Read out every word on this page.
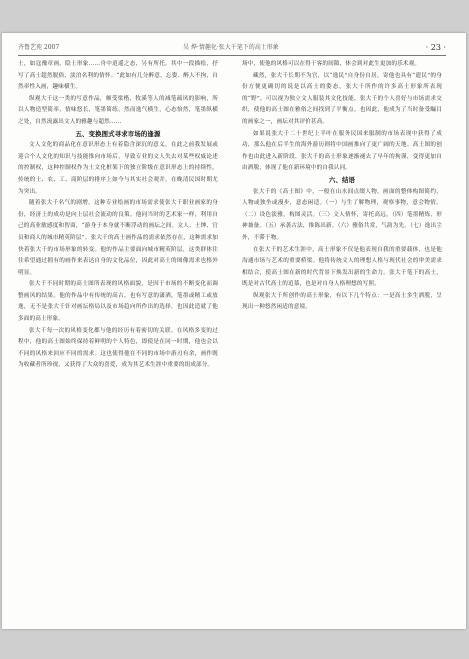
齐鲁艺苑 2007	吴 烨·情趣化·张大千笔下的高士形象	· 23 ·

士，如寇豫章画，隐士形象……舟中逍遥之态，另有所托。其中一段描绘，抒写了高士超然脱俗、淡泊名利的情怀。“此如有几分醉意、忘姿、醉人不拘，自然率性入画，趣味横生。

纵观大千这一类的写意作品，颇受梁楷、牧溪等人的减笔疏风的影响，所以人物造型简率，情味悠长，笔墨简练，然而逸气横生，心态怡然，笔墨纵横之处，自然流露出文人的雅趣与超然……

五、变换图式寻求市场的逢源

文人文化的商品化在意识形态上有着隐含深沉的意义，在此之前我发展或迎合个人文化的知识与技能推向市场后，导致专业的文人失去对某些权威论述的控制权，这种控制权作为士文化框架下的独立阶级在意识形态上的持续性。传统的士、农、工、商阶层的排序上如今与其实社会观并，在晚清民国时期尤为突出。

随着张大千名气的剧增，这种专业绘画的市场需求使张大千职业画家的身份，经济上的成功是向上层社会流动的良策。他同当时的艺术家一样，利用自己的高业敏感度和智商，“游身于本身就不断浮动的画坛之间。文人、士绅、官员和商人的城市精英阶层”。张大千的高士画作品的需求依然存在，这种需求加快着张大千的市场形象的转变。他的作品主要面向城市精英阶层，这类群体往往希望通过拥有的画作来表达自身的文化品位，因此对高士的图像需求也格外明显。

张大千不同时期的高士图所表现的风格面貌，是因于市场的不断变化而调整画风的结果。他的作品中有传统的高古，也有写意的潇洒，笔墨或精工或放逸，无不是张大千针对画坛格局以及市场趋向所作出的选择，也因此造就了他多面的高士形象。

张大千每一次的风格变化都与他的经历有着密切的关联。在风格多变的过程中，他的高士图始终保持着鲜明的个人特色，即使是在同一时期，他也会以不同的风格来回应不同的需求。这也使得他在不同的市场中游刃有余，画作既为收藏者所珍视，又获得了大众的喜爱，成为其艺术生涯中重要的组成部分。

场中，使他的风格可以在得于客的间隙，体会到对此生更加的乐术观。

藏然，张大千长期不为官，以“逸民”自身份自居，寄他也具有“遗民”的身份方便更确切的说是以高士的姿态，张大千所作的许多高士形象所表现的“野”，可以视为独立文人服装其文化技能，张大千的个人喜好与市场需求交织，使他的高士图在雅俗之间找到了平衡点。也因此，他成为了当时备受瞩目的画家之一，画坛对其评价甚高。

如果说张大千二十世纪上半叶在服务民国来服制的市场表现中获得了成功，那么他在后半生的海外游历则将中国画推向了更广阔的天地。高士图的创作也由此进入新阶段，张大千的高士形象逐渐褪去了早年的拘谨，变得更加自由洒脱，体现了他在新环境中的自我认同。

六、结语

张大千的《高士图》中，一般在山水间点缀人物，画面的整体构图简约，人物或独坐或漫步，意态闲适。（一）与生了解物理，观察事物，意会物情。（二）设色淡雅，构图灵活。（三）文人情怀，寄托高远。（四）笔墨精炼，形神兼备。（五）承袭古法，推陈出新。（六）雅俗共赏，气韵为先。（七）逸出尘外，不滞于物。

在张大千的艺术生涯中，高士形象不仅是他表现自我的重要载体，也是他沟通市场与艺术的重要桥梁。他将传统文人的理想人格与现代社会的审美需求相结合，使高士图在新的时代背景下焕发出新的生命力。张大千笔下的高士，既是对古代高士的追慕，也是对自身人格理想的写照。

纵观张大千所创作的高士形象，有以下几个特点：一是高士多生洒脱，呈现出一种悠然闲适的意境。
